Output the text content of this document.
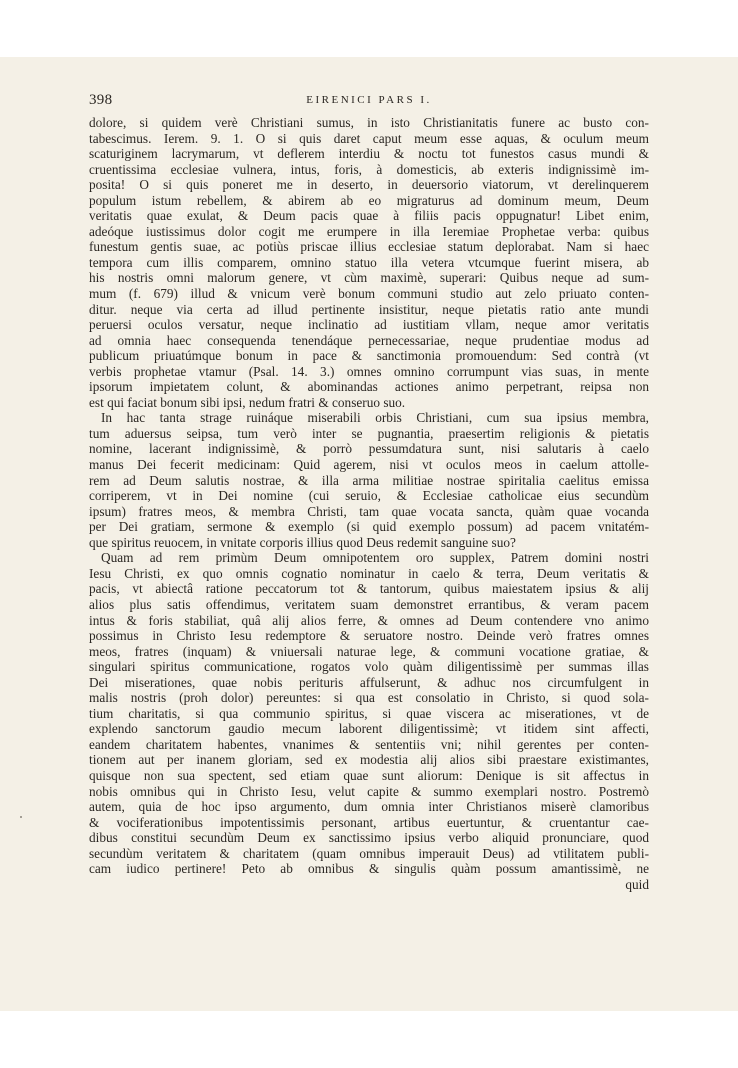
398	EIRENICI PARS I.
dolore, si quidem verè Christiani sumus, in isto Christianitatis funere ac busto con-
tabescimus. Ierem. 9. 1. O si quis daret caput meum esse aquas, & oculum meum
scaturiginem lacrymarum, vt deflerem interdiu & noctu tot funestos casus mundi &
cruentissima ecclesiae vulnera, intus, foris, à domesticis, ab exteris indignissimè im-
posita! O si quis poneret me in deserto, in deuersorio viatorum, vt derelinquerem
populum istum rebellem, & abirem ab eo migraturus ad dominum meum, Deum
veritatis quae exulat, & Deum pacis quae à filiis pacis oppugnatur! Libet enim,
adeóque iustissimus dolor cogit me erumpere in illa Ieremiae Prophetae verba: quibus
funestum gentis suae, ac potiùs priscae illius ecclesiae statum deplorabat. Nam si haec
tempora cum illis comparem, omnino statuo illa vetera vtcumque fuerint misera, ab
his nostris omni malorum genere, vt cùm maximè, superari: Quibus neque ad sum-
mum (f. 679) illud & vnicum verè bonum communi studio aut zelo priuato conten-
ditur. neque via certa ad illud pertinente insistitur, neque pietatis ratio ante mundi
peruersi oculos versatur, neque inclinatio ad iustitiam vllam, neque amor veritatis
ad omnia haec consequenda tenendáque pernecessariae, neque prudentiae modus ad
publicum priuatúmque bonum in pace & sanctimonia promouendum: Sed contrà (vt
verbis prophetae vtamur (Psal. 14. 3.) omnes omnino corrumpunt vias suas, in mente
ipsorum impietatem colunt, & abominandas actiones animo perpetrant, reipsa non
est qui faciat bonum sibi ipsi, nedum fratri & conseruo suo.
In hac tanta strage ruináque miserabili orbis Christiani, cum sua ipsius membra,
tum aduersus seipsa, tum verò inter se pugnantia, praesertim religionis & pietatis
nomine, lacerant indignissimè, & porrò pessumdatura sunt, nisi salutaris à caelo
manus Dei fecerit medicinam: Quid agerem, nisi vt oculos meos in caelum attolle-
rem ad Deum salutis nostrae, & illa arma militiae nostrae spiritalia caelitus emissa
corriperem, vt in Dei nomine (cui seruio, & Ecclesiae catholicae eius secundùm
ipsum) fratres meos, & membra Christi, tam quae vocata sancta, quàm quae vocanda
per Dei gratiam, sermone & exemplo (si quid exemplo possum) ad pacem vnitatém-
que spiritus reuocem, in vnitate corporis illius quod Deus redemit sanguine suo?
Quam ad rem primùm Deum omnipotentem oro supplex, Patrem domini nostri
Iesu Christi, ex quo omnis cognatio nominatur in caelo & terra, Deum veritatis &
pacis, vt abiectâ ratione peccatorum tot & tantorum, quibus maiestatem ipsius & alij
alios plus satis offendimus, veritatem suam demonstret errantibus, & veram pacem
intus & foris stabiliat, quâ alij alios ferre, & omnes ad Deum contendere vno animo
possimus in Christo Iesu redemptore & seruatore nostro. Deinde verò fratres omnes
meos, fratres (inquam) & vniuersali naturae lege, & communi vocatione gratiae, &
singulari spiritus communicatione, rogatos volo quàm diligentissimè per summas illas
Dei miserationes, quae nobis perituris affulserunt, & adhuc nos circumfulgent in
malis nostris (proh dolor) pereuntes: si qua est consolatio in Christo, si quod sola-
tium charitatis, si qua communio spiritus, si quae viscera ac miserationes, vt de
explendo sanctorum gaudio mecum laborent diligentissimè; vt itidem sint affecti,
eandem charitatem habentes, vnanimes & sententiis vni; nihil gerentes per conten-
tionem aut per inanem gloriam, sed ex modestia alij alios sibi praestare existimantes,
quisque non sua spectent, sed etiam quae sunt aliorum: Denique is sit affectus in
nobis omnibus qui in Christo Iesu, velut capite & summo exemplari nostro. Postremò
autem, quia de hoc ipso argumento, dum omnia inter Christianos miserè clamoribus
& vociferationibus impotentissimis personant, artibus euertuntur, & cruentantur cae-
dibus constitui secundùm Deum ex sanctissimo ipsius verbo aliquid pronunciare, quod
secundùm veritatem & charitatem (quam omnibus imperauit Deus) ad vtilitatem publi-
cam iudico pertinere! Peto ab omnibus & singulis quàm possum amantissimè, ne
quid
